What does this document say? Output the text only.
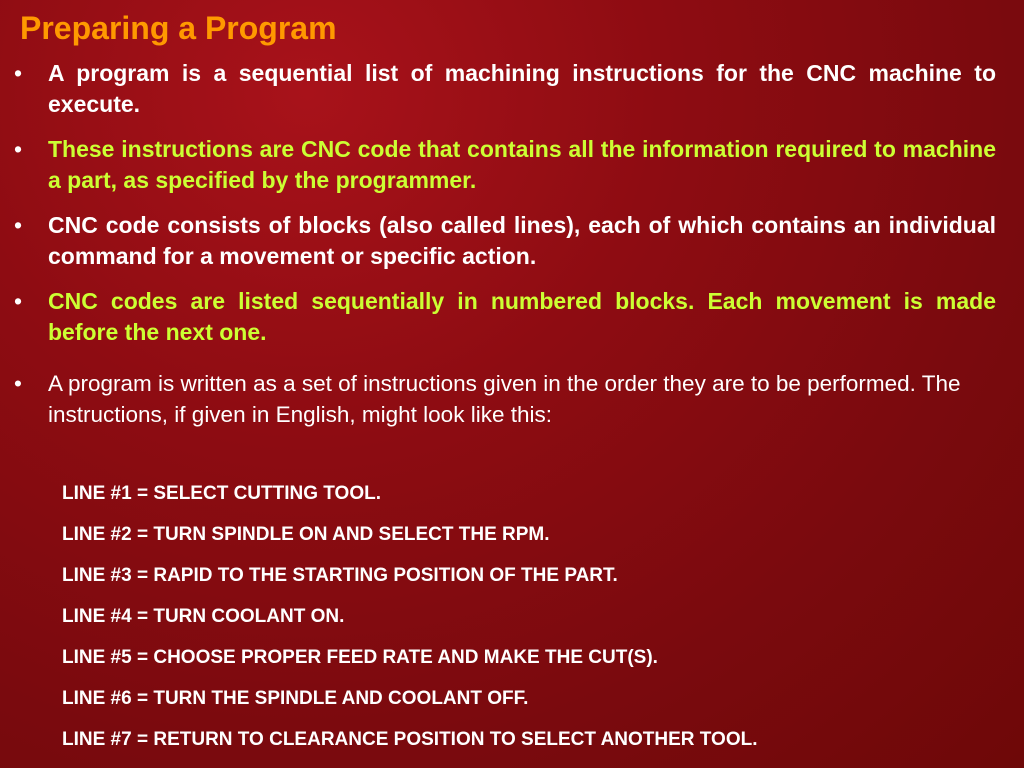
Preparing a Program
•	A program is a sequential list of machining instructions for the CNC machine to execute.
•	These instructions are CNC code that contains all the information required to machine a part, as specified by the programmer.
•	CNC code consists of blocks (also called lines), each of which contains an individual command for a movement or specific action.
•	CNC codes are listed sequentially in numbered blocks. Each movement is made before the next one.
•	A program is written as a set of instructions given in the order they are to be performed. The instructions, if given in English, might look like this:
LINE #1 = SELECT CUTTING TOOL.
LINE #2 = TURN SPINDLE ON AND SELECT THE RPM.
LINE #3 = RAPID TO THE STARTING POSITION OF THE PART.
LINE #4 = TURN COOLANT ON.
LINE #5 = CHOOSE PROPER FEED RATE AND MAKE THE CUT(S).
LINE #6 = TURN THE SPINDLE AND COOLANT OFF.
LINE #7 = RETURN TO CLEARANCE POSITION TO SELECT ANOTHER TOOL.
